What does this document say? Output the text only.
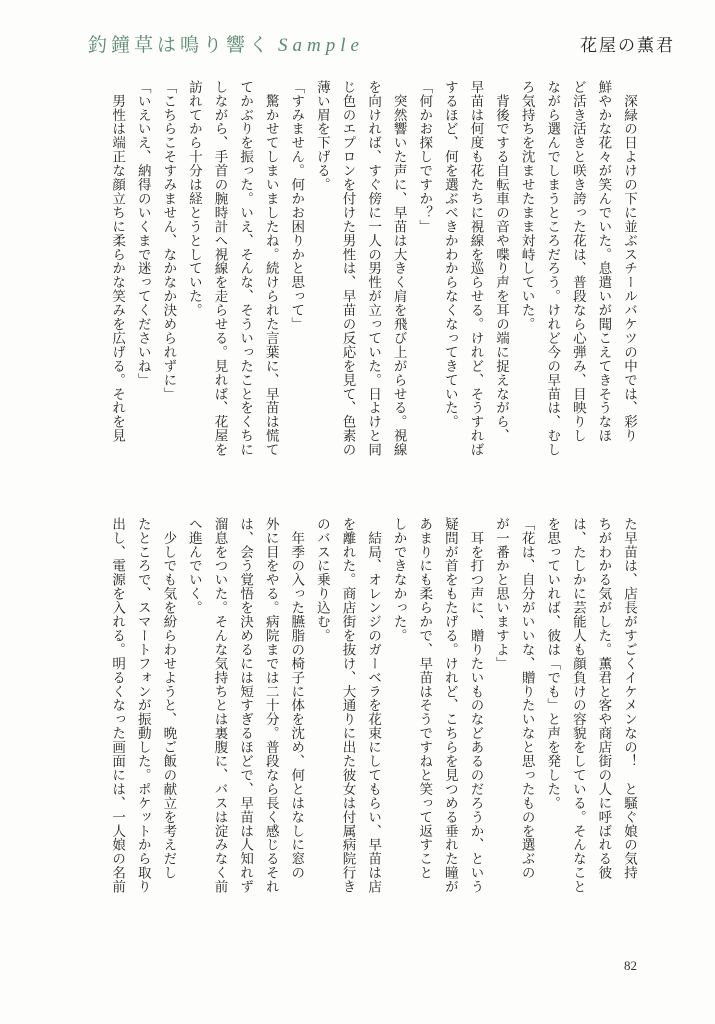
釣鐘草は鳴り響く Sample	花屋の薫君

　深緑の日よけの下に並ぶスチールバケツの中では、彩り

鮮やかな花々が笑んでいた。息遣いが聞こえてきそうなほ

ど活き活きと咲き誇った花は、普段なら心弾み、目映りし

ながら選んでしまうところだろう。けれど今の早苗は、むし

ろ気持ちを沈ませたまま対峙していた。

　背後でする自転車の音や喋り声を耳の端に捉えながら、

早苗は何度も花たちに視線を巡らせる。けれど、そうすれば

するほど、何を選ぶべきかわからなくなってきていた。

「何かお探しですか？」

　突然響いた声に、早苗は大きく肩を飛び上がらせる。視線

を向ければ、すぐ傍に一人の男性が立っていた。日よけと同

じ色のエプロンを付けた男性は、早苗の反応を見て、色素の

薄い眉を下げる。

「すみません。何かお困りかと思って」

　驚かせてしまいましたね。続けられた言葉に、早苗は慌て

てかぶりを振った。いえ、そんな、そういったことをくちに

しながら、手首の腕時計へ視線を走らせる。見れば、花屋を

訪れてから十分は経とうとしていた。

「こちらこそすみません、なかなか決められずに」

「いえいえ、納得のいくまで迷ってくださいね」

　男性は端正な顔立ちに柔らかな笑みを広げる。それを見

た早苗は、店長がすごくイケメンなの！　と騒ぐ娘の気持

ちがわかる気がした。薫君と客や商店街の人に呼ばれる彼

は、たしかに芸能人も顔負けの容貌をしている。そんなこと

を思っていれば、彼は「でも」と声を発した。

「花は、自分がいいな、贈りたいなと思ったものを選ぶの

が一番かと思いますよ」

　耳を打つ声に、贈りたいものなどあるのだろうか、という

疑問が首をもたげる。けれど、こちらを見つめる垂れた瞳が

あまりにも柔らかで、早苗はそうですねと笑って返すこと

しかできなかった。

　結局、オレンジのガーベラを花束にしてもらい、早苗は店

を離れた。商店街を抜け、大通りに出た彼女は付属病院行き

のバスに乗り込む。

　年季の入った臙脂の椅子に体を沈め、何とはなしに窓の

外に目をやる。病院までは二十分。普段なら長く感じるそれ

は、会う覚悟を決めるには短すぎるほどで、早苗は人知れず

溜息をついた。そんな気持ちとは裏腹に、バスは淀みなく前

へ進んでいく。

　少しでも気を紛らわせようと、晩ご飯の献立を考えだし

たところで、スマートフォンが振動した。ポケットから取り

出し、電源を入れる。明るくなった画面には、一人娘の名前

82
